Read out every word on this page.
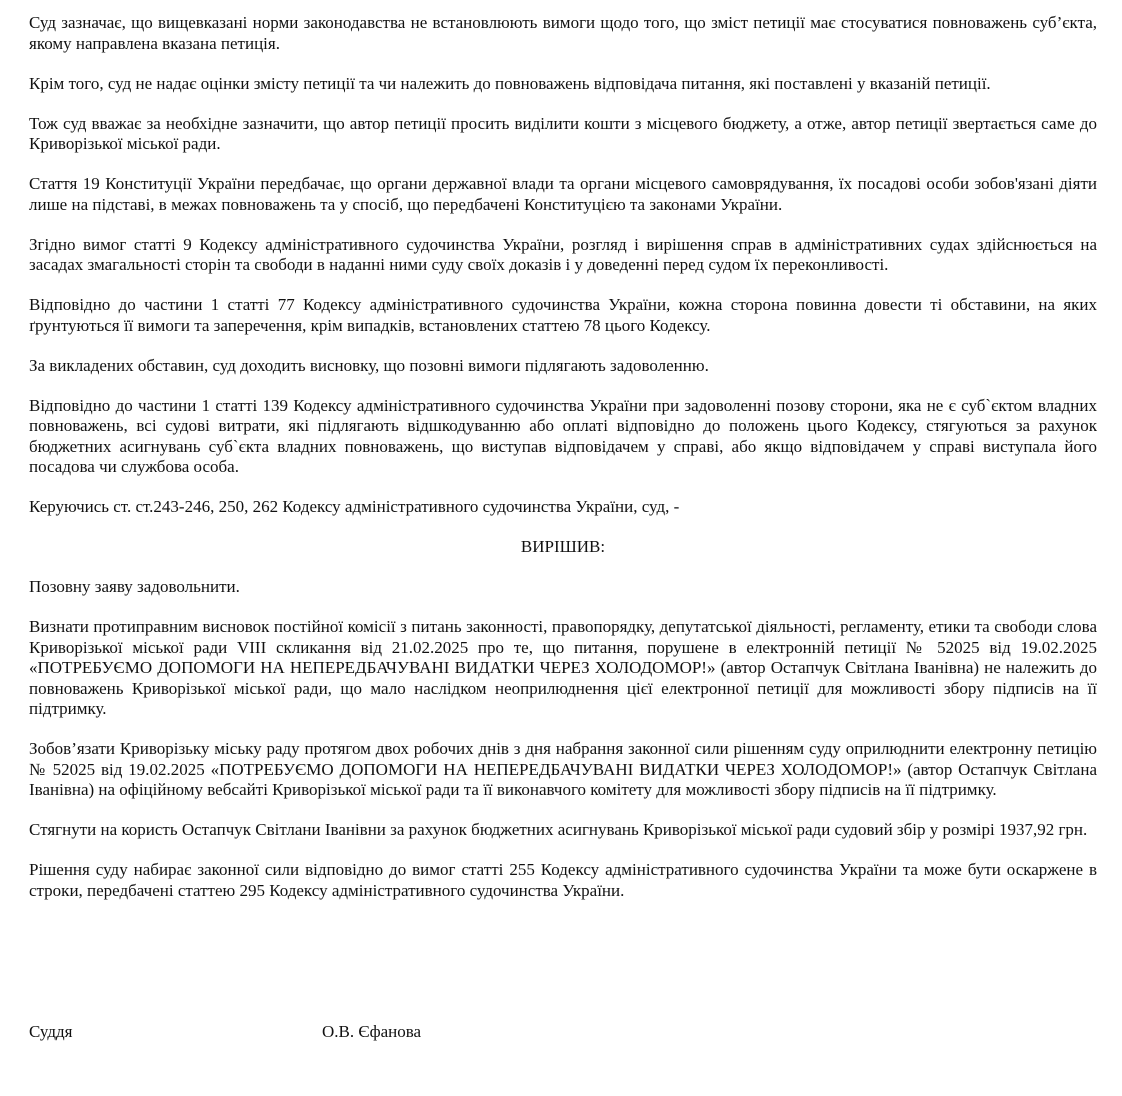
Суд зазначає, що вищевказані норми законодавства не встановлюють вимоги щодо того, що зміст петиції має стосуватися повноважень суб’єкта, якому направлена вказана петиція.

Крім того, суд не надає оцінки змісту петиції та чи належить до повноважень відповідача питання, які поставлені у вказаній петиції.

Тож суд вважає за необхідне зазначити, що автор петиції просить виділити кошти з місцевого бюджету, а отже, автор петиції звертається саме до Криворізької міської ради.

Стаття 19 Конституції України передбачає, що органи державної влади та органи місцевого самоврядування, їх посадові особи зобов'язані діяти лише на підставі, в межах повноважень та у спосіб, що передбачені Конституцією та законами України.

Згідно вимог статті 9 Кодексу адміністративного судочинства України, розгляд і вирішення справ в адміністративних судах здійснюється на засадах змагальності сторін та свободи в наданні ними суду своїх доказів і у доведенні перед судом їх переконливості.

Відповідно до частини 1 статті 77 Кодексу адміністративного судочинства України, кожна сторона повинна довести ті обставини, на яких ґрунтуються її вимоги та заперечення, крім випадків, встановлених статтею 78 цього Кодексу.

За викладених обставин, суд доходить висновку, що позовні вимоги підлягають задоволенню.

Відповідно до частини 1 статті 139 Кодексу адміністративного судочинства України при задоволенні позову сторони, яка не є суб`єктом владних повноважень, всі судові витрати, які підлягають відшкодуванню або оплаті відповідно до положень цього Кодексу, стягуються за рахунок бюджетних асигнувань суб`єкта владних повноважень, що виступав відповідачем у справі, або якщо відповідачем у справі виступала його посадова чи службова особа.

Керуючись ст. ст.243-246, 250, 262 Кодексу адміністративного судочинства України, суд, -

ВИРІШИВ:

Позовну заяву задовольнити.

Визнати протиправним висновок постійної комісії з питань законності, правопорядку, депутатської діяльності, регламенту, етики та свободи слова Криворізької міської ради VIII скликання від 21.02.2025 про те, що питання, порушене в електронній петиції № 52025 від 19.02.2025 «ПОТРЕБУЄМО ДОПОМОГИ НА НЕПЕРЕДБАЧУВАНІ ВИДАТКИ ЧЕРЕЗ ХОЛОДОМОР!» (автор Остапчук Світлана Іванівна) не належить до повноважень Криворізької міської ради, що мало наслідком неоприлюднення цієї електронної петиції для можливості збору підписів на її підтримку.

Зобов’язати Криворізьку міську раду протягом двох робочих днів з дня набрання законної сили рішенням суду оприлюднити електронну петицію № 52025 від 19.02.2025 «ПОТРЕБУЄМО ДОПОМОГИ НА НЕПЕРЕДБАЧУВАНІ ВИДАТКИ ЧЕРЕЗ ХОЛОДОМОР!» (автор Остапчук Світлана Іванівна) на офіційному вебсайті Криворізької міської ради та її виконавчого комітету для можливості збору підписів на її підтримку.

Стягнути на користь Остапчук Світлани Іванівни за рахунок бюджетних асигнувань Криворізької міської ради судовий збір у розмірі 1937,92 грн.

Рішення суду набирає законної сили відповідно до вимог статті 255 Кодексу адміністративного судочинства України та може бути оскаржене в строки, передбачені статтею 295 Кодексу адміністративного судочинства України.

Суддя	О.В. Єфанова
